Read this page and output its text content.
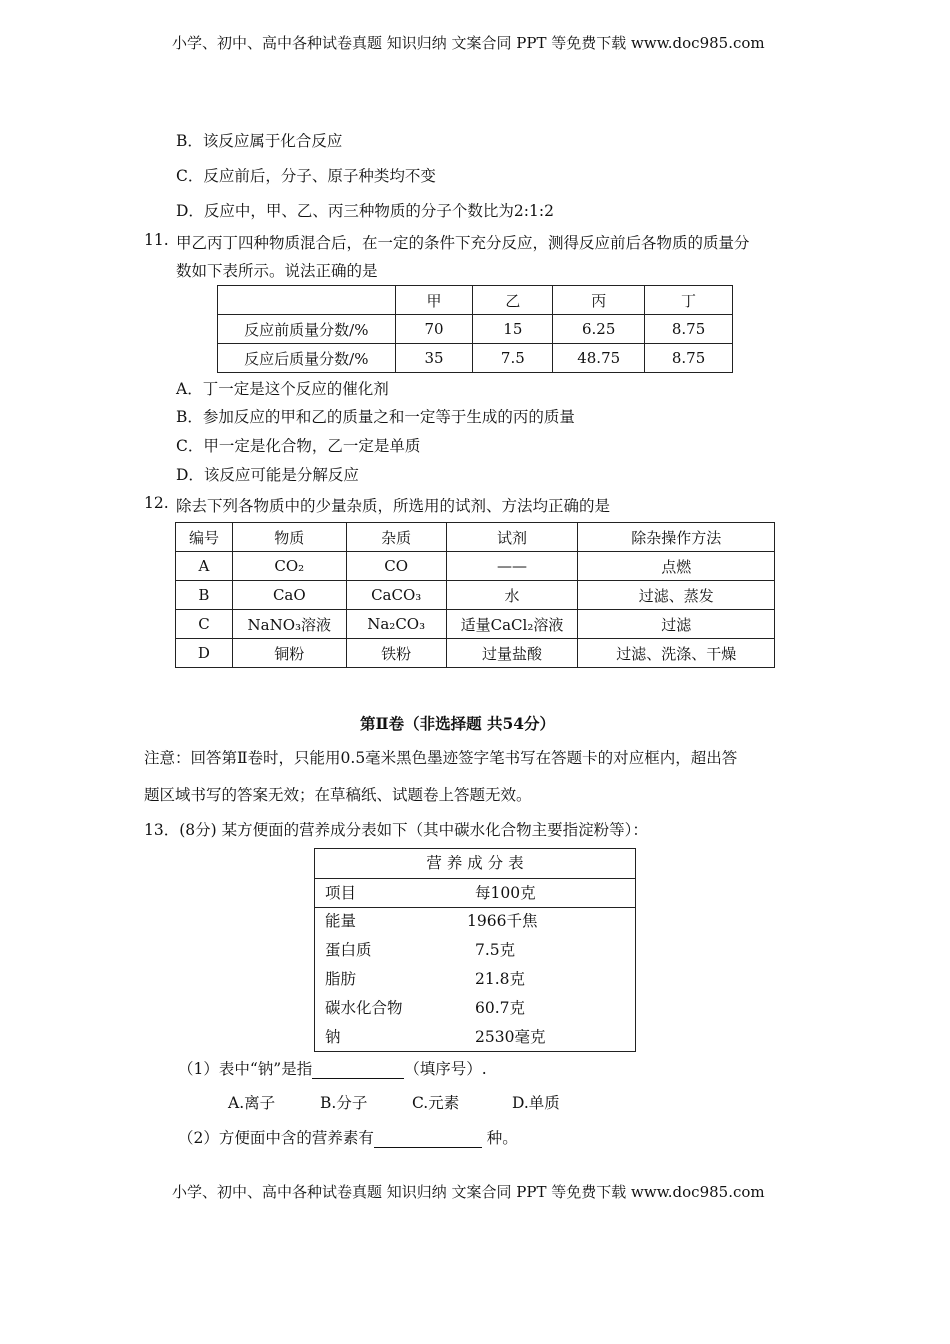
小学、初中、高中各种试卷真题 知识归纳 文案合同 PPT 等免费下载 www.doc985.com
B．该反应属于化合反应
C．反应前后，分子、原子种类均不变
D．反应中，甲、乙、丙三种物质的分子个数比为2:1:2
11. 甲乙丙丁四种物质混合后，在一定的条件下充分反应，测得反应前后各物质的质量分
数如下表所示。说法正确的是
	甲	乙	丙	丁
反应前质量分数/%	70	15	6.25	8.75
反应后质量分数/%	35	7.5	48.75	8.75
A．丁一定是这个反应的催化剂
B．参加反应的甲和乙的质量之和一定等于生成的丙的质量
C．甲一定是化合物，乙一定是单质
D．该反应可能是分解反应
12. 除去下列各物质中的少量杂质，所选用的试剂、方法均正确的是
编号	物质	杂质	试剂	除杂操作方法
A	CO₂	CO	——	点燃
B	CaO	CaCO₃	水	过滤、蒸发
C	NaNO₃溶液	Na₂CO₃	适量CaCl₂溶液	过滤
D	铜粉	铁粉	过量盐酸	过滤、洗涤、干燥
第Ⅱ卷（非选择题 共54分）
注意：回答第Ⅱ卷时，只能用0.5毫米黑色墨迹签字笔书写在答题卡的对应框内，超出答
题区域书写的答案无效；在草稿纸、试题卷上答题无效。
13．(8分) 某方便面的营养成分表如下（其中碳水化合物主要指淀粉等）：
营 养 成 分 表
项目	每100克
能量	1966千焦
蛋白质	7.5克
脂肪	21.8克
碳水化合物	60.7克
钠	2530毫克
（1）表中“钠”是指	（填序号）.
A.离子	B.分子	C.元素	D.单质
（2）方便面中含的营养素有	种。
小学、初中、高中各种试卷真题 知识归纳 文案合同 PPT 等免费下载 www.doc985.com
